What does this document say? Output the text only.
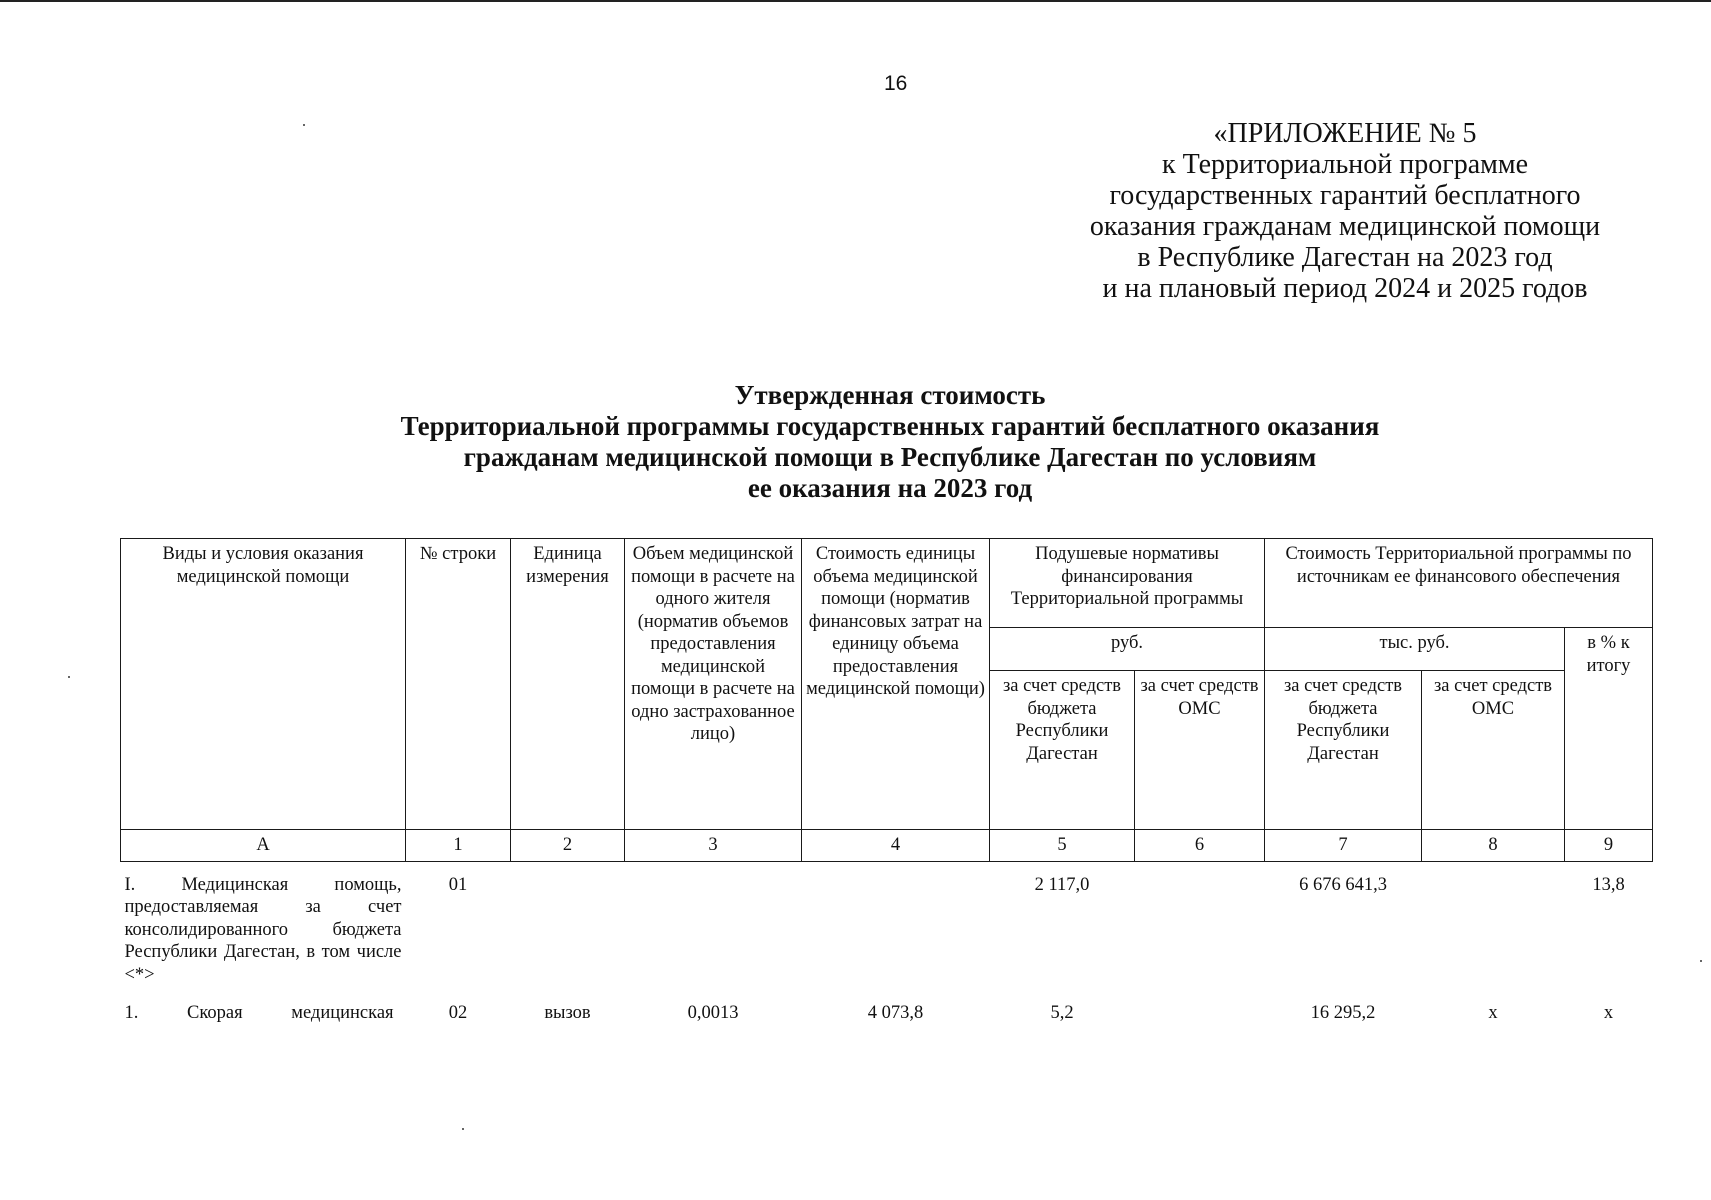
16
«ПРИЛОЖЕНИЕ № 5
к Территориальной программе
государственных гарантий бесплатного
оказания гражданам медицинской помощи
в Республике Дагестан на 2023 год
и на плановый период 2024 и 2025 годов
Утвержденная стоимость
Территориальной программы государственных гарантий бесплатного оказания
гражданам медицинской помощи в Республике Дагестан по условиям
ее оказания на 2023 год
Виды и условия оказания медицинской помощи	№ строки	Единица измерения	Объем медицинской помощи в расчете на одного жителя (норматив объемов предоставления медицинской помощи в расчете на одно застрахованное лицо)	Стоимость единицы объема медицинской помощи (норматив финансовых затрат на единицу объема предоставления медицинской помощи)	Подушевые нормативы финансирования Территориальной программы		Стоимость Территориальной программы по источникам ее финансового обеспечения		
					руб.		тыс. руб.		в % к итогу
					за счет средств бюджета Республики Дагестан	за счет средств ОМС	за счет средств бюджета Республики Дагестан	за счет средств ОМС	
А	1	2	3	4	5	6	7	8	9
I. Медицинская помощь, предоставляемая за счет консолидированного бюджета Республики Дагестан, в том числе <*>	01				2 117,0		6 676 641,3		13,8
1. Скорая медицинская	02	вызов	0,0013	4 073,8	5,2		16 295,2	х	х
